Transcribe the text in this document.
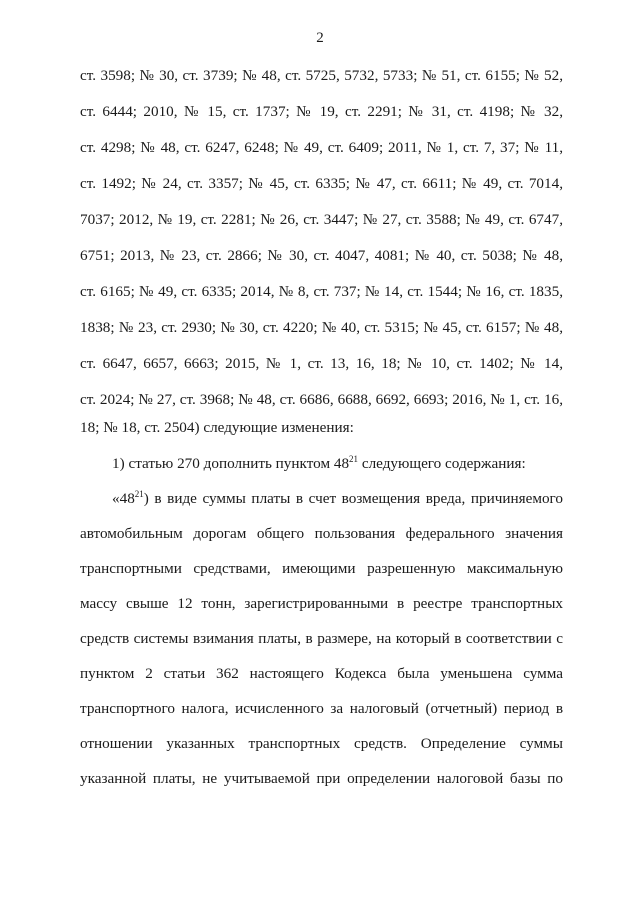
2
ст. 3598; № 30, ст. 3739; № 48, ст. 5725, 5732, 5733; № 51, ст. 6155; № 52,
ст. 6444; 2010, № 15, ст. 1737; № 19, ст. 2291; № 31, ст. 4198; № 32,
ст. 4298; № 48, ст. 6247, 6248; № 49, ст. 6409; 2011, № 1, ст. 7, 37; № 11,
ст. 1492; № 24, ст. 3357; № 45, ст. 6335; № 47, ст. 6611; № 49, ст. 7014,
7037; 2012, № 19, ст. 2281; № 26, ст. 3447; № 27, ст. 3588; № 49, ст. 6747,
6751; 2013, № 23, ст. 2866; № 30, ст. 4047, 4081; № 40, ст. 5038; № 48,
ст. 6165; № 49, ст. 6335; 2014, № 8, ст. 737; № 14, ст. 1544; № 16, ст. 1835,
1838; № 23, ст. 2930; № 30, ст. 4220; № 40, ст. 5315; № 45, ст. 6157; № 48,
ст. 6647, 6657, 6663; 2015, № 1, ст. 13, 16, 18; № 10, ст. 1402; № 14,
ст. 2024; № 27, ст. 3968; № 48, ст. 6686, 6688, 6692, 6693; 2016, № 1, ст. 16,
18; № 18, ст. 2504) следующие изменения:
1) статью 270 дополнить пунктом $48^{21}$ следующего содержания:
«$48^{21}$) в виде суммы платы в счет возмещения вреда, причиняемого
автомобильным дорогам общего пользования федерального значения
транспортными средствами, имеющими разрешенную максимальную
массу свыше 12 тонн, зарегистрированными в реестре транспортных
средств системы взимания платы, в размере, на который в соответствии с
пунктом 2 статьи 362 настоящего Кодекса была уменьшена сумма
транспортного налога, исчисленного за налоговый (отчетный) период в
отношении указанных транспортных средств. Определение суммы
указанной платы, не учитываемой при определении налоговой базы по
